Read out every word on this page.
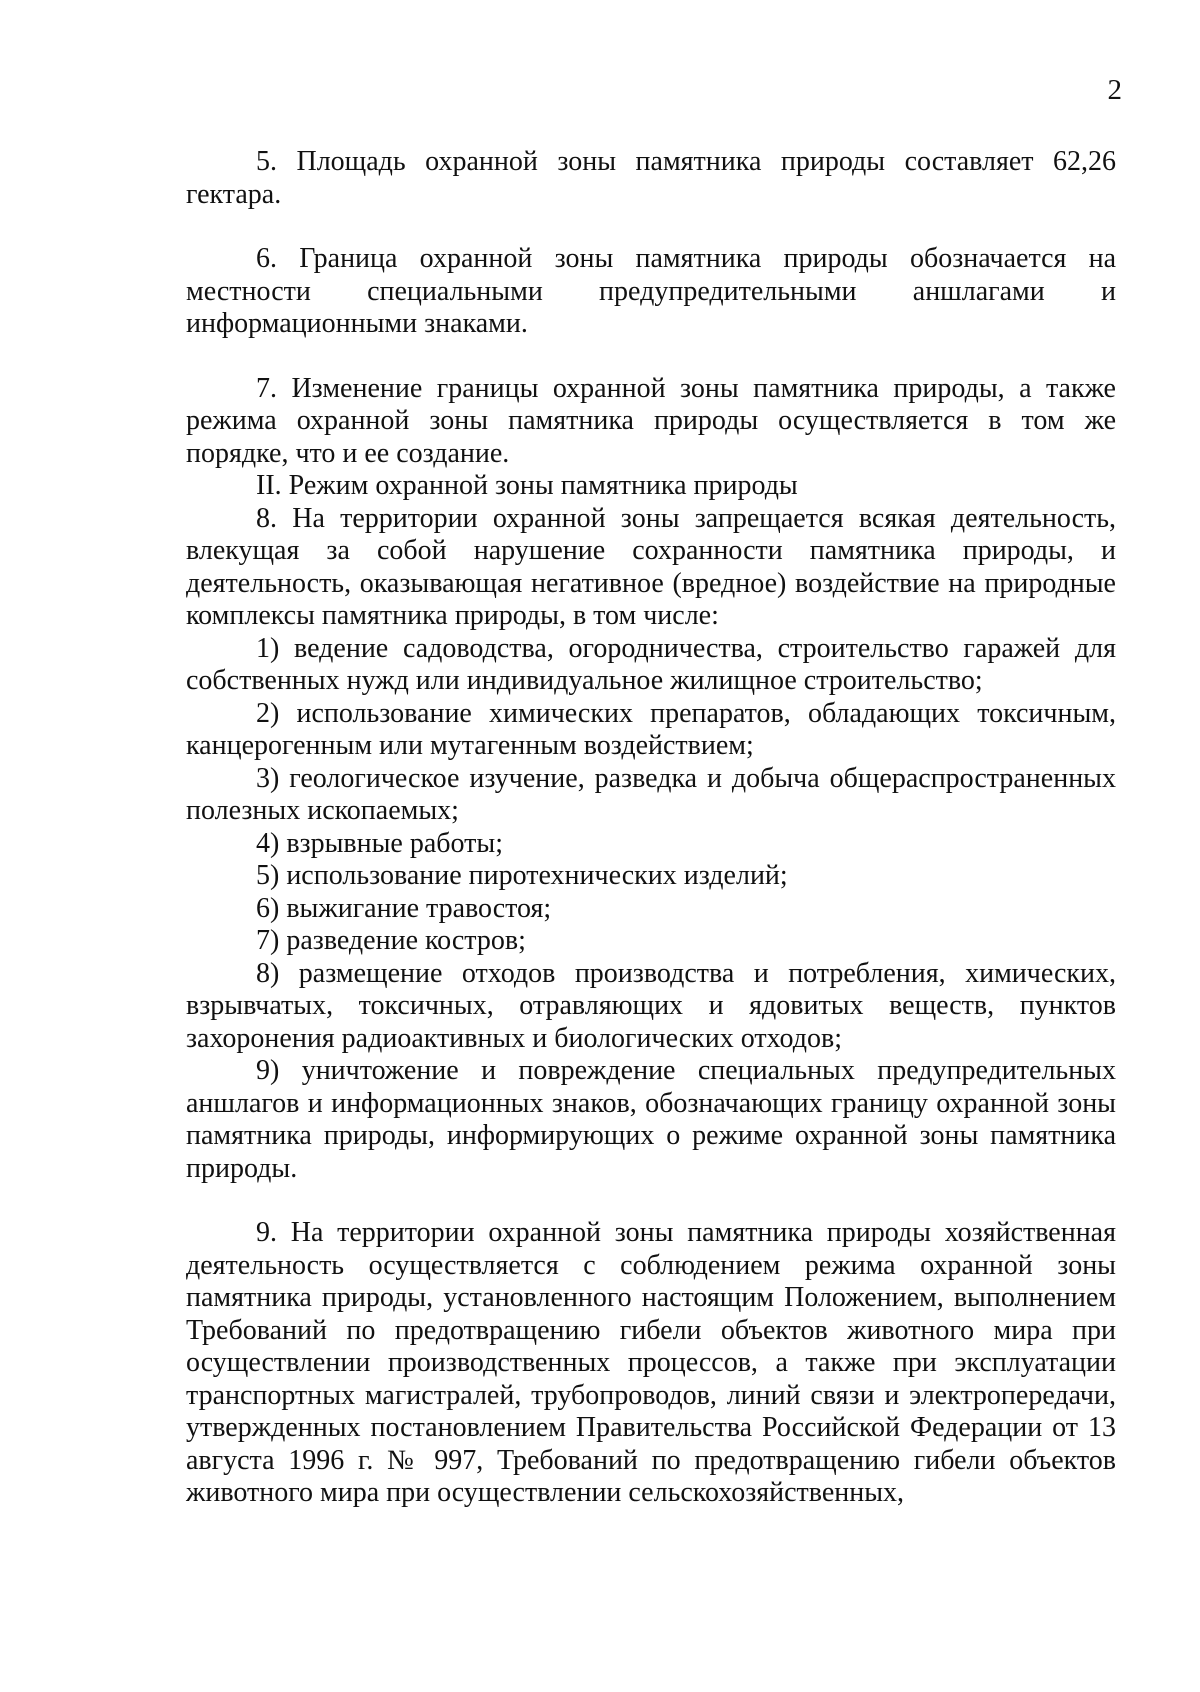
2

5. Площадь охранной зоны памятника природы составляет 62,26 гектара.

6. Граница охранной зоны памятника природы обозначается на местности специальными предупредительными аншлагами и информационными знаками.

7. Изменение границы охранной зоны памятника природы, а также режима охранной зоны памятника природы осуществляется в том же порядке, что и ее создание.

II. Режим охранной зоны памятника природы

8. На территории охранной зоны запрещается всякая деятельность, влекущая за собой нарушение сохранности памятника природы, и деятельность, оказывающая негативное (вредное) воздействие на природные комплексы памятника природы, в том числе:

1) ведение садоводства, огородничества, строительство гаражей для собственных нужд или индивидуальное жилищное строительство;

2) использование химических препаратов, обладающих токсичным, канцерогенным или мутагенным воздействием;

3) геологическое изучение, разведка и добыча общераспространенных полезных ископаемых;

4) взрывные работы;

5) использование пиротехнических изделий;

6) выжигание травостоя;

7) разведение костров;

8) размещение отходов производства и потребления, химических, взрывчатых, токсичных, отравляющих и ядовитых веществ, пунктов захоронения радиоактивных и биологических отходов;

9) уничтожение и повреждение специальных предупредительных аншлагов и информационных знаков, обозначающих границу охранной зоны памятника природы, информирующих о режиме охранной зоны памятника природы.

9. На территории охранной зоны памятника природы хозяйственная деятельность осуществляется с соблюдением режима охранной зоны памятника природы, установленного настоящим Положением, выполнением Требований по предотвращению гибели объектов животного мира при осуществлении производственных процессов, а также при эксплуатации транспортных магистралей, трубопроводов, линий связи и электропередачи, утвержденных постановлением Правительства Российской Федерации от 13 августа 1996 г. № 997, Требований по предотвращению гибели объектов животного мира при осуществлении сельскохозяйственных,
